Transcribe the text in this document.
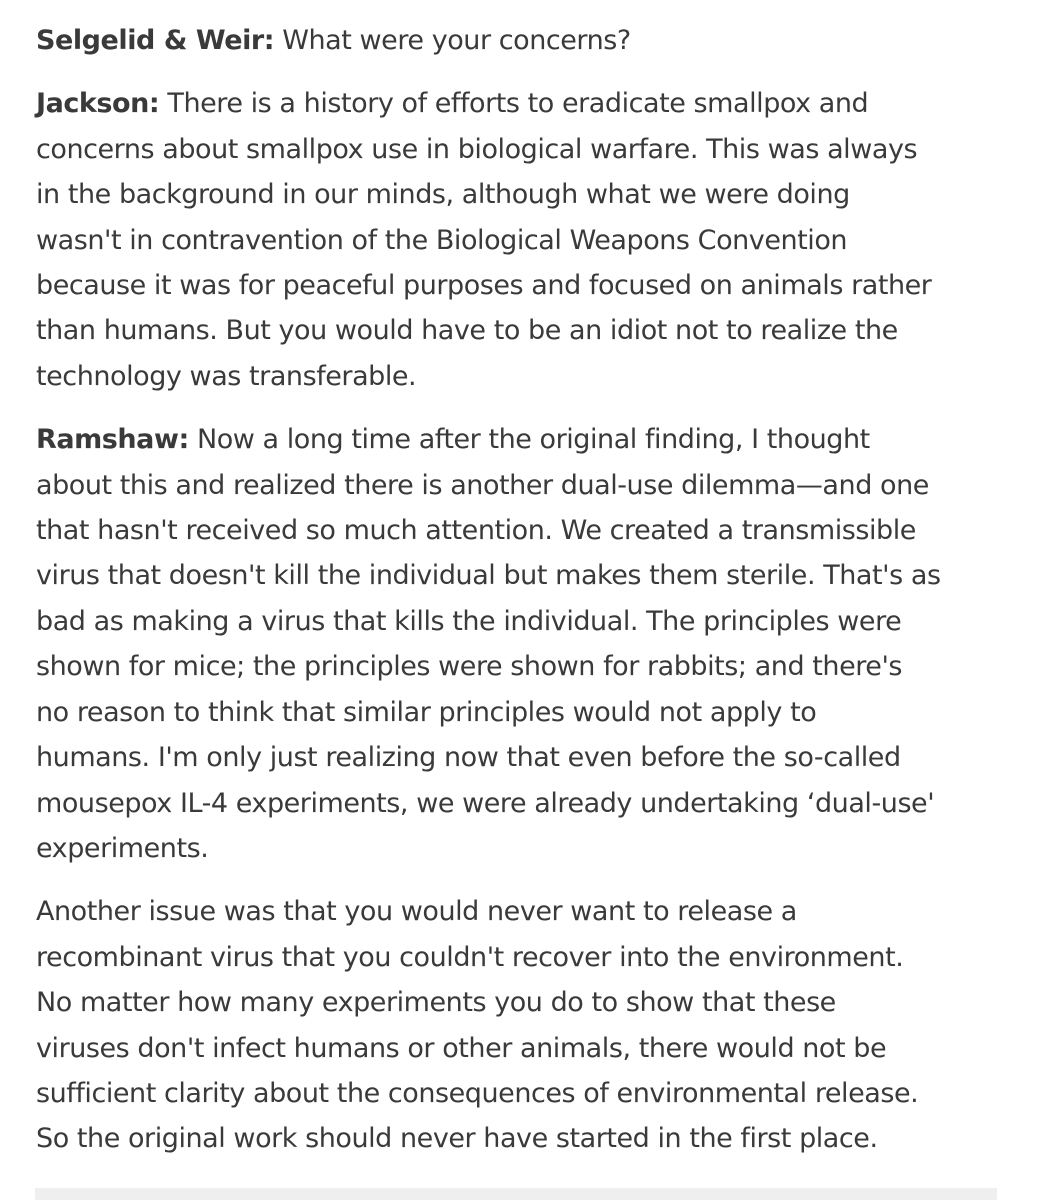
Selgelid & Weir: What were your concerns?

Jackson: There is a history of efforts to eradicate smallpox and
concerns about smallpox use in biological warfare. This was always
in the background in our minds, although what we were doing
wasn't in contravention of the Biological Weapons Convention
because it was for peaceful purposes and focused on animals rather
than humans. But you would have to be an idiot not to realize the
technology was transferable.

Ramshaw: Now a long time after the original finding, I thought
about this and realized there is another dual-use dilemma—and one
that hasn't received so much attention. We created a transmissible
virus that doesn't kill the individual but makes them sterile. That's as
bad as making a virus that kills the individual. The principles were
shown for mice; the principles were shown for rabbits; and there's
no reason to think that similar principles would not apply to
humans. I'm only just realizing now that even before the so-called
mousepox IL-4 experiments, we were already undertaking ‘dual-use'
experiments.

Another issue was that you would never want to release a
recombinant virus that you couldn't recover into the environment.
No matter how many experiments you do to show that these
viruses don't infect humans or other animals, there would not be
sufficient clarity about the consequences of environmental release.
So the original work should never have started in the first place.
